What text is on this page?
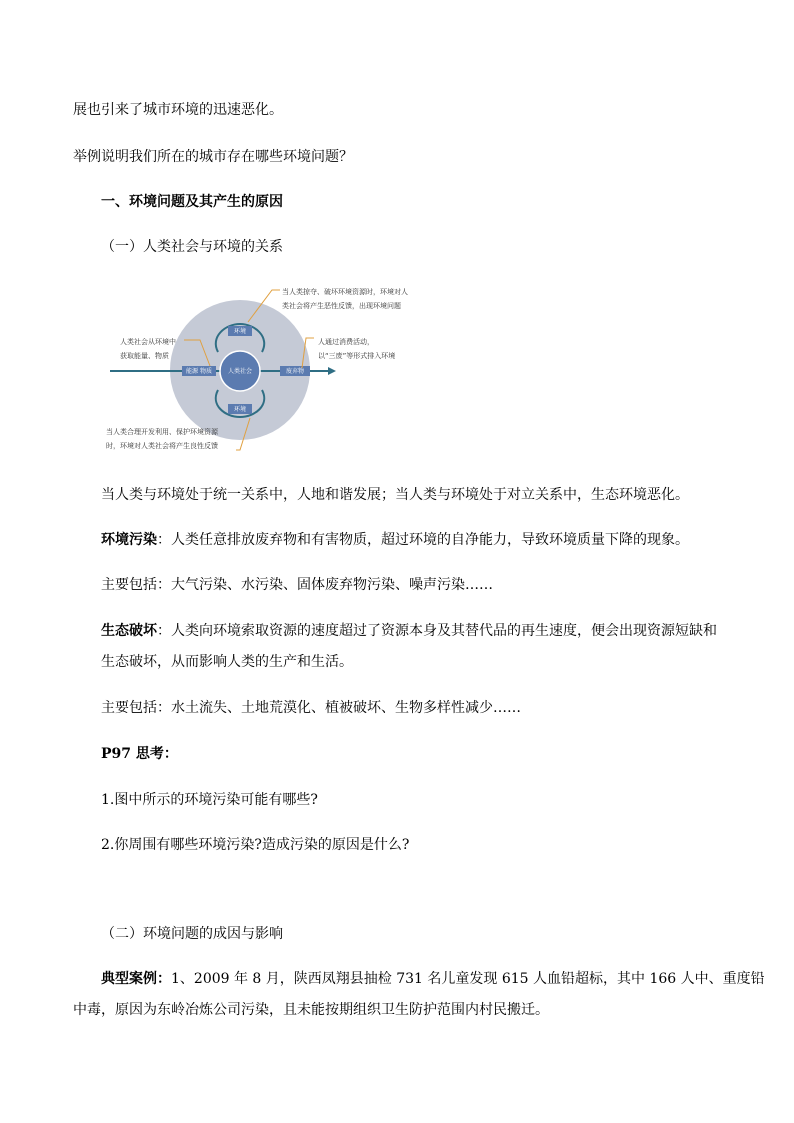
展也引来了城市环境的迅速恶化。
举例说明我们所在的城市存在哪些环境问题？
一、环境问题及其产生的原因
（一）人类社会与环境的关系
人类社会
环境
环境
能源 物质	废弃物
当人类掠夺、破坏环境资源时，环境对人
类社会将产生恶性反馈，出现环境问题
人类社会从环境中
获取能量、物质
人通过消费活动，
以“三废”等形式排入环境
当人类合理开发利用、保护环境资源
时，环境对人类社会将产生良性反馈
当人类与环境处于统一关系中，人地和谐发展；当人类与环境处于对立关系中，生态环境恶化。
环境污染：人类任意排放废弃物和有害物质，超过环境的自净能力，导致环境质量下降的现象。
主要包括：大气污染、水污染、固体废弃物污染、噪声污染……
生态破坏：人类向环境索取资源的速度超过了资源本身及其替代品的再生速度，便会出现资源短缺和
生态破坏，从而影响人类的生产和生活。
主要包括：水土流失、土地荒漠化、植被破坏、生物多样性减少……
P97 思考：
1.图中所示的环境污染可能有哪些?
2.你周围有哪些环境污染?造成污染的原因是什么?
（二）环境问题的成因与影响
典型案例：1、2009 年 8 月，陕西凤翔县抽检 731 名儿童发现 615 人血铅超标，其中 166 人中、重度铅
中毒，原因为东岭冶炼公司污染，且未能按期组织卫生防护范围内村民搬迁。
